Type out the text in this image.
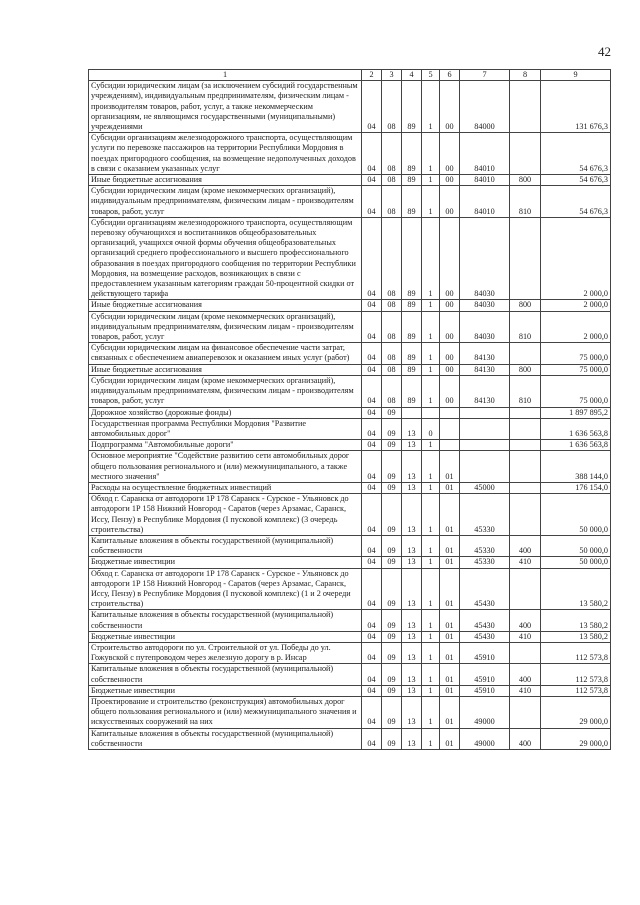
42
1	2	3	4	5	6	7	8	9
Субсидии юридическим лицам (за исключением субсидий государственным учреждениям), индивидуальным предпринимателям, физическим лицам - производителям товаров, работ, услуг, а также некоммерческим организациям, не являющимся государственными (муниципальными) учреждениями	04	08	89	1	00	84000		131 676,3
Субсидии организациям железнодорожного транспорта, осуществляющим услуги по перевозке пассажиров на территории Республики Мордовия в поездах пригородного сообщения, на возмещение недополученных доходов в связи с оказанием указанных услуг	04	08	89	1	00	84010		54 676,3
Иные бюджетные ассигнования	04	08	89	1	00	84010	800	54 676,3
Субсидии юридическим лицам (кроме некоммерческих организаций), индивидуальным предпринимателям, физическим лицам - производителям товаров, работ, услуг	04	08	89	1	00	84010	810	54 676,3
Субсидии организациям железнодорожного транспорта, осуществляющим перевозку обучающихся и воспитанников общеобразовательных организаций, учащихся очной формы обучения общеобразовательных организаций среднего профессионального и высшего профессионального образования в поездах пригородного сообщения по территории Республики Мордовия, на возмещение расходов, возникающих в связи с предоставлением указанным категориям граждан 50-процентной скидки от действующего тарифа	04	08	89	1	00	84030		2 000,0
Иные бюджетные ассигнования	04	08	89	1	00	84030	800	2 000,0
Субсидии юридическим лицам (кроме некоммерческих организаций), индивидуальным предпринимателям, физическим лицам - производителям товаров, работ, услуг	04	08	89	1	00	84030	810	2 000,0
Субсидии юридическим лицам на финансовое обеспечение части затрат, связанных с обеспечением авиаперевозок и оказанием иных услуг (работ)	04	08	89	1	00	84130		75 000,0
Иные бюджетные ассигнования	04	08	89	1	00	84130	800	75 000,0
Субсидии юридическим лицам (кроме некоммерческих организаций), индивидуальным предпринимателям, физическим лицам - производителям товаров, работ, услуг	04	08	89	1	00	84130	810	75 000,0
Дорожное хозяйство (дорожные фонды)	04	09						1 897 895,2
Государственная программа Республики Мордовия "Развитие автомобильных дорог"	04	09	13	0				1 636 563,8
Подпрограмма "Автомобильные дороги"	04	09	13	1				1 636 563,8
Основное мероприятие "Содействие развитию сети автомобильных дорог общего пользования регионального и (или) межмуниципального, а также местного значения"	04	09	13	1	01			388 144,0
Расходы на осуществление бюджетных инвестиций	04	09	13	1	01	45000		176 154,0
Обход г. Саранска от автодороги 1Р 178 Саранск - Сурское - Ульяновск до автодороги 1Р 158 Нижний Новгород - Саратов (через Арзамас, Саранск, Иссу, Пензу) в Республике Мордовия (I пусковой комплекс) (3 очередь строительства)	04	09	13	1	01	45330		50 000,0
Капитальные вложения в объекты государственной (муниципальной) собственности	04	09	13	1	01	45330	400	50 000,0
Бюджетные инвестиции	04	09	13	1	01	45330	410	50 000,0
Обход г. Саранска от автодороги 1Р 178 Саранск - Сурское - Ульяновск до автодороги 1Р 158 Нижний Новгород - Саратов (через Арзамас, Саранск, Иссу, Пензу) в Республике Мордовия (I пусковой комплекс) (1 и 2 очереди строительства)	04	09	13	1	01	45430		13 580,2
Капитальные вложения в объекты государственной (муниципальной) собственности	04	09	13	1	01	45430	400	13 580,2
Бюджетные инвестиции	04	09	13	1	01	45430	410	13 580,2
Строительство автодороги по ул. Строительной от ул. Победы до ул. Гожувской с путепроводом через железную дорогу в р. Инсар	04	09	13	1	01	45910		112 573,8
Капитальные вложения в объекты государственной (муниципальной) собственности	04	09	13	1	01	45910	400	112 573,8
Бюджетные инвестиции	04	09	13	1	01	45910	410	112 573,8
Проектирование и строительство (реконструкция) автомобильных дорог общего пользования регионального и (или) межмуниципального значения и искусственных сооружений на них	04	09	13	1	01	49000		29 000,0
Капитальные вложения в объекты государственной (муниципальной) собственности	04	09	13	1	01	49000	400	29 000,0
